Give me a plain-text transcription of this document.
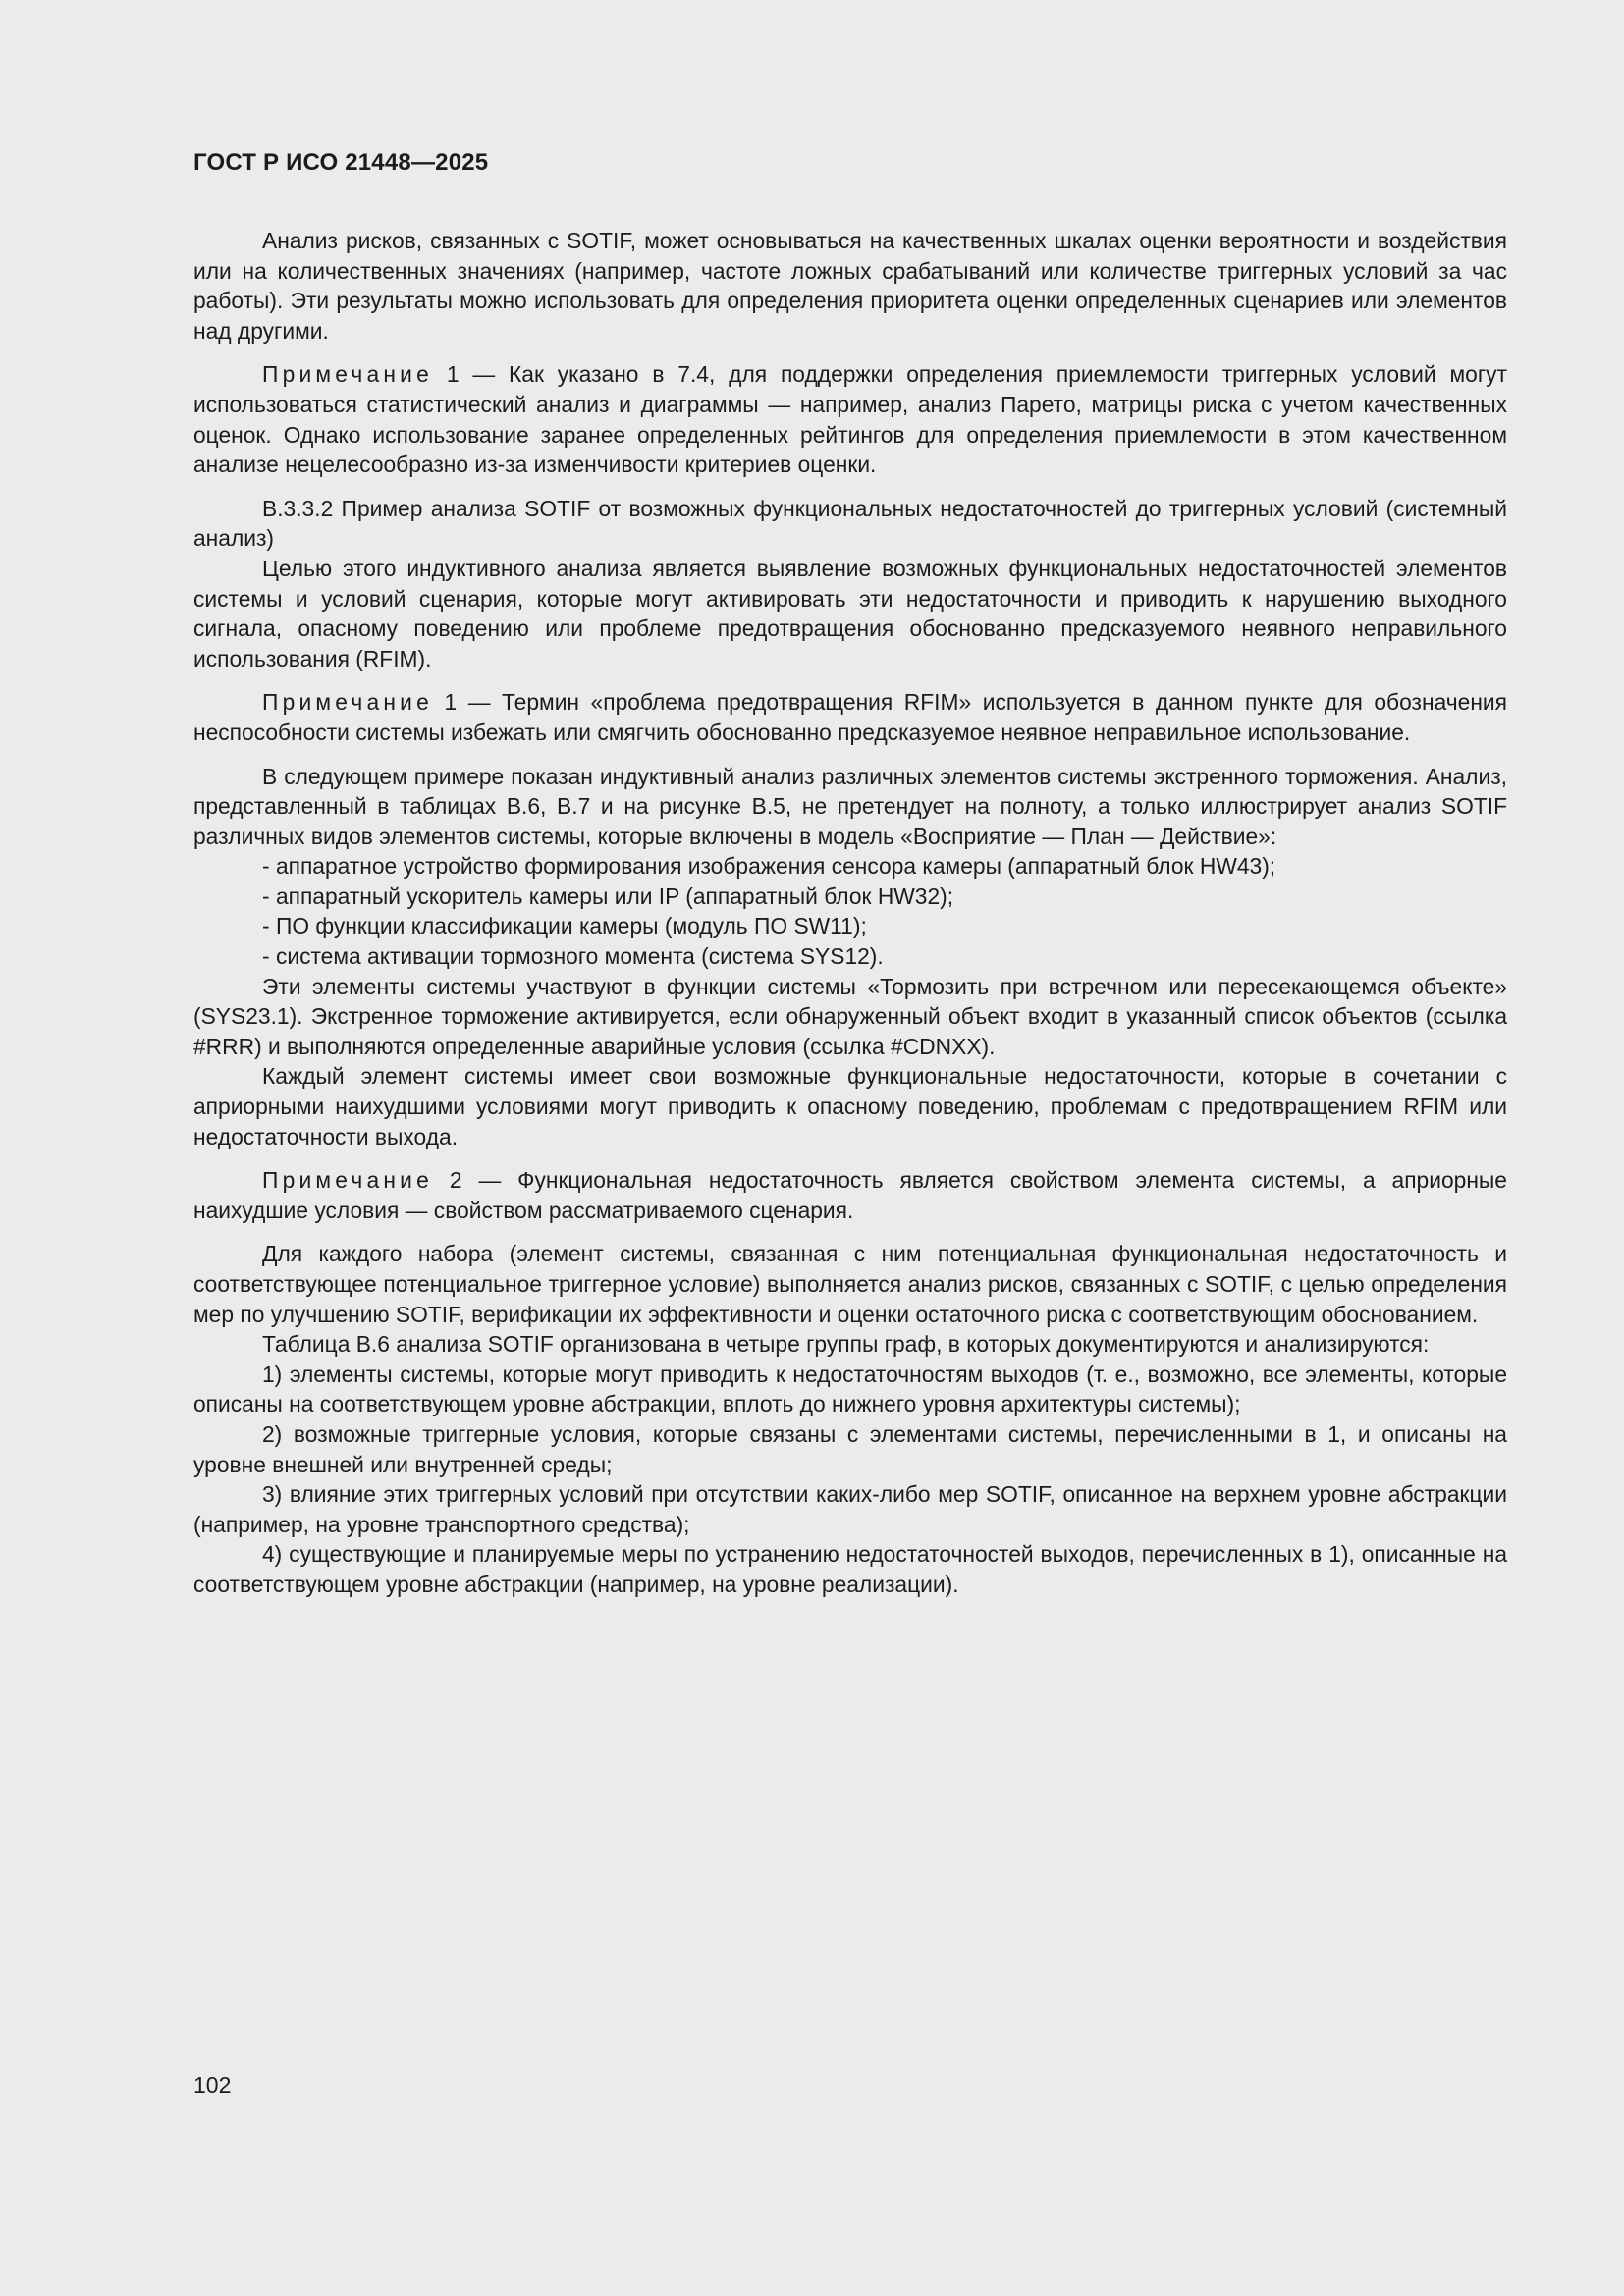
ГОСТ Р ИСО 21448—2025

Анализ рисков, связанных с SOTIF, может основываться на качественных шкалах оценки вероятности и воздействия или на количественных значениях (например, частоте ложных срабатываний или количестве триггерных условий за час работы). Эти результаты можно использовать для определения приоритета оценки определенных сценариев или элементов над другими.

Примечание 1 — Как указано в 7.4, для поддержки определения приемлемости триггерных условий могут использоваться статистический анализ и диаграммы — например, анализ Парето, матрицы риска с учетом качественных оценок. Однако использование заранее определенных рейтингов для определения приемлемости в этом качественном анализе нецелесообразно из-за изменчивости критериев оценки.

B.3.3.2 Пример анализа SOTIF от возможных функциональных недостаточностей до триггерных условий (системный анализ)

Целью этого индуктивного анализа является выявление возможных функциональных недостаточностей элементов системы и условий сценария, которые могут активировать эти недостаточности и приводить к нарушению выходного сигнала, опасному поведению или проблеме предотвращения обоснованно предсказуемого неявного неправильного использования (RFIM).

Примечание 1 — Термин «проблема предотвращения RFIM» используется в данном пункте для обозначения неспособности системы избежать или смягчить обоснованно предсказуемое неявное неправильное использование.

В следующем примере показан индуктивный анализ различных элементов системы экстренного торможения. Анализ, представленный в таблицах В.6, В.7 и на рисунке В.5, не претендует на полноту, а только иллюстрирует анализ SOTIF различных видов элементов системы, которые включены в модель «Восприятие — План — Действие»:

- аппаратное устройство формирования изображения сенсора камеры (аппаратный блок HW43);
- аппаратный ускоритель камеры или IP (аппаратный блок HW32);
- ПО функции классификации камеры (модуль ПО SW11);
- система активации тормозного момента (система SYS12).

Эти элементы системы участвуют в функции системы «Тормозить при встречном или пересекающемся объекте» (SYS23.1). Экстренное торможение активируется, если обнаруженный объект входит в указанный список объектов (ссылка #RRR) и выполняются определенные аварийные условия (ссылка #CDNXX).

Каждый элемент системы имеет свои возможные функциональные недостаточности, которые в сочетании с априорными наихудшими условиями могут приводить к опасному поведению, проблемам с предотвращением RFIM или недостаточности выхода.

Примечание 2 — Функциональная недостаточность является свойством элемента системы, а априорные наихудшие условия — свойством рассматриваемого сценария.

Для каждого набора (элемент системы, связанная с ним потенциальная функциональная недостаточность и соответствующее потенциальное триггерное условие) выполняется анализ рисков, связанных с SOTIF, с целью определения мер по улучшению SOTIF, верификации их эффективности и оценки остаточного риска с соответствующим обоснованием.

Таблица В.6 анализа SOTIF организована в четыре группы граф, в которых документируются и анализируются:

1) элементы системы, которые могут приводить к недостаточностям выходов (т. е., возможно, все элементы, которые описаны на соответствующем уровне абстракции, вплоть до нижнего уровня архитектуры системы);

2) возможные триггерные условия, которые связаны с элементами системы, перечисленными в 1, и описаны на уровне внешней или внутренней среды;

3) влияние этих триггерных условий при отсутствии каких-либо мер SOTIF, описанное на верхнем уровне абстракции (например, на уровне транспортного средства);

4) существующие и планируемые меры по устранению недостаточностей выходов, перечисленных в 1), описанные на соответствующем уровне абстракции (например, на уровне реализации).

102
